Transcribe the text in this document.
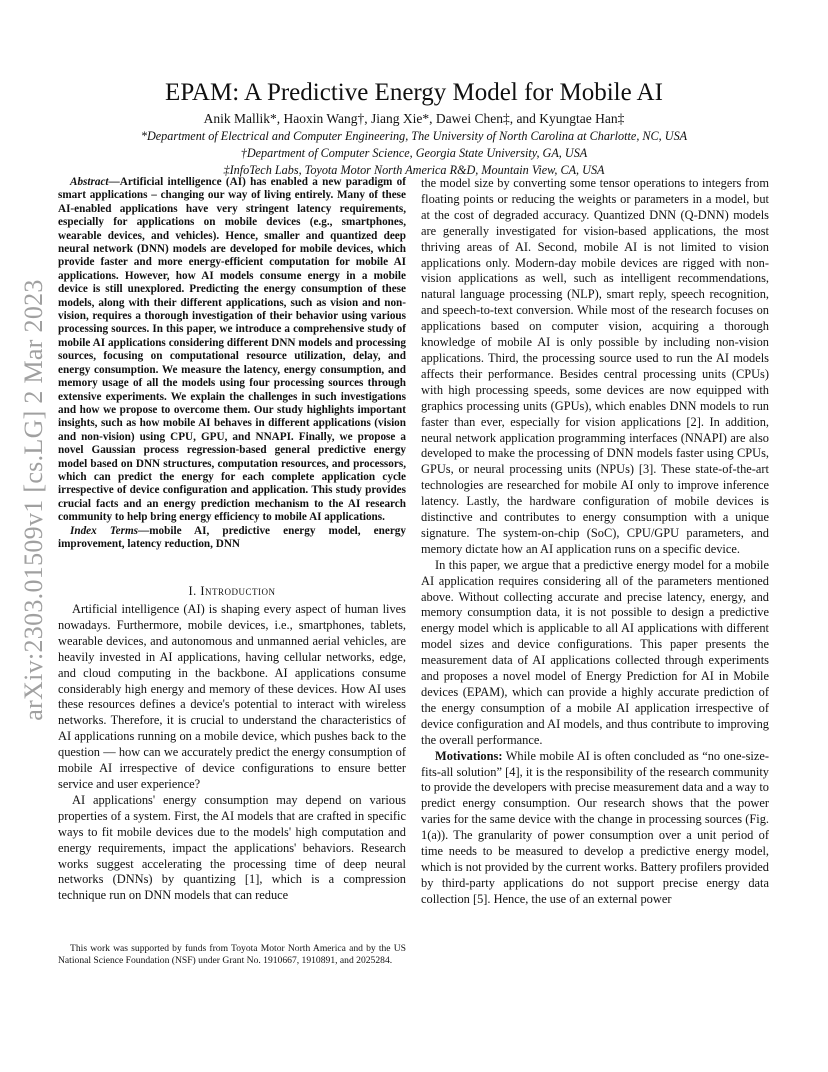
arXiv:2303.01509v1 [cs.LG] 2 Mar 2023
EPAM: A Predictive Energy Model for Mobile AI
Anik Mallik*, Haoxin Wang†, Jiang Xie*, Dawei Chen‡, and Kyungtae Han‡
*Department of Electrical and Computer Engineering, The University of North Carolina at Charlotte, NC, USA
†Department of Computer Science, Georgia State University, GA, USA
‡InfoTech Labs, Toyota Motor North America R&D, Mountain View, CA, USA
Abstract—Artificial intelligence (AI) has enabled a new paradigm of smart applications – changing our way of living entirely. Many of these AI-enabled applications have very stringent latency requirements, especially for applications on mobile devices (e.g., smartphones, wearable devices, and vehicles). Hence, smaller and quantized deep neural network (DNN) models are developed for mobile devices, which provide faster and more energy-efficient computation for mobile AI applications. However, how AI models consume energy in a mobile device is still unexplored. Predicting the energy consumption of these models, along with their different applications, such as vision and non-vision, requires a thorough investigation of their behavior using various processing sources. In this paper, we introduce a comprehensive study of mobile AI applications considering different DNN models and processing sources, focusing on computational resource utilization, delay, and energy consumption. We measure the latency, energy consumption, and memory usage of all the models using four processing sources through extensive experiments. We explain the challenges in such investigations and how we propose to overcome them. Our study highlights important insights, such as how mobile AI behaves in different applications (vision and non-vision) using CPU, GPU, and NNAPI. Finally, we propose a novel Gaussian process regression-based general predictive energy model based on DNN structures, computation resources, and processors, which can predict the energy for each complete application cycle irrespective of device configuration and application. This study provides crucial facts and an energy prediction mechanism to the AI research community to help bring energy efficiency to mobile AI applications.

Index Terms—mobile AI, predictive energy model, energy improvement, latency reduction, DNN

I. Introduction

Artificial intelligence (AI) is shaping every aspect of human lives nowadays. Furthermore, mobile devices, i.e., smartphones, tablets, wearable devices, and autonomous and unmanned aerial vehicles, are heavily invested in AI applications, having cellular networks, edge, and cloud computing in the backbone. AI applications consume considerably high energy and memory of these devices. How AI uses these resources defines a device's potential to interact with wireless networks. Therefore, it is crucial to understand the characteristics of AI applications running on a mobile device, which pushes back to the question — how can we accurately predict the energy consumption of mobile AI irrespective of device configurations to ensure better service and user experience?

AI applications' energy consumption may depend on various properties of a system. First, the AI models that are crafted in specific ways to fit mobile devices due to the models' high computation and energy requirements, impact the applications' behaviors. Research works suggest accelerating the processing time of deep neural networks (DNNs) by quantizing [1], which is a compression technique run on DNN models that can reduce

the model size by converting some tensor operations to integers from floating points or reducing the weights or parameters in a model, but at the cost of degraded accuracy. Quantized DNN (Q-DNN) models are generally investigated for vision-based applications, the most thriving areas of AI. Second, mobile AI is not limited to vision applications only. Modern-day mobile devices are rigged with non-vision applications as well, such as intelligent recommendations, natural language processing (NLP), smart reply, speech recognition, and speech-to-text conversion. While most of the research focuses on applications based on computer vision, acquiring a thorough knowledge of mobile AI is only possible by including non-vision applications. Third, the processing source used to run the AI models affects their performance. Besides central processing units (CPUs) with high processing speeds, some devices are now equipped with graphics processing units (GPUs), which enables DNN models to run faster than ever, especially for vision applications [2]. In addition, neural network application programming interfaces (NNAPI) are also developed to make the processing of DNN models faster using CPUs, GPUs, or neural processing units (NPUs) [3]. These state-of-the-art technologies are researched for mobile AI only to improve inference latency. Lastly, the hardware configuration of mobile devices is distinctive and contributes to energy consumption with a unique signature. The system-on-chip (SoC), CPU/GPU parameters, and memory dictate how an AI application runs on a specific device.

In this paper, we argue that a predictive energy model for a mobile AI application requires considering all of the parameters mentioned above. Without collecting accurate and precise latency, energy, and memory consumption data, it is not possible to design a predictive energy model which is applicable to all AI applications with different model sizes and device configurations. This paper presents the measurement data of AI applications collected through experiments and proposes a novel model of Energy Prediction for AI in Mobile devices (EPAM), which can provide a highly accurate prediction of the energy consumption of a mobile AI application irrespective of device configuration and AI models, and thus contribute to improving the overall performance.

Motivations: While mobile AI is often concluded as “no one-size-fits-all solution” [4], it is the responsibility of the research community to provide the developers with precise measurement data and a way to predict energy consumption. Our research shows that the power varies for the same device with the change in processing sources (Fig. 1(a)). The granularity of power consumption over a unit period of time needs to be measured to develop a predictive energy model, which is not provided by the current works. Battery profilers provided by third-party applications do not support precise energy data collection [5]. Hence, the use of an external power

This work was supported by funds from Toyota Motor North America and by the US National Science Foundation (NSF) under Grant No. 1910667, 1910891, and 2025284.
